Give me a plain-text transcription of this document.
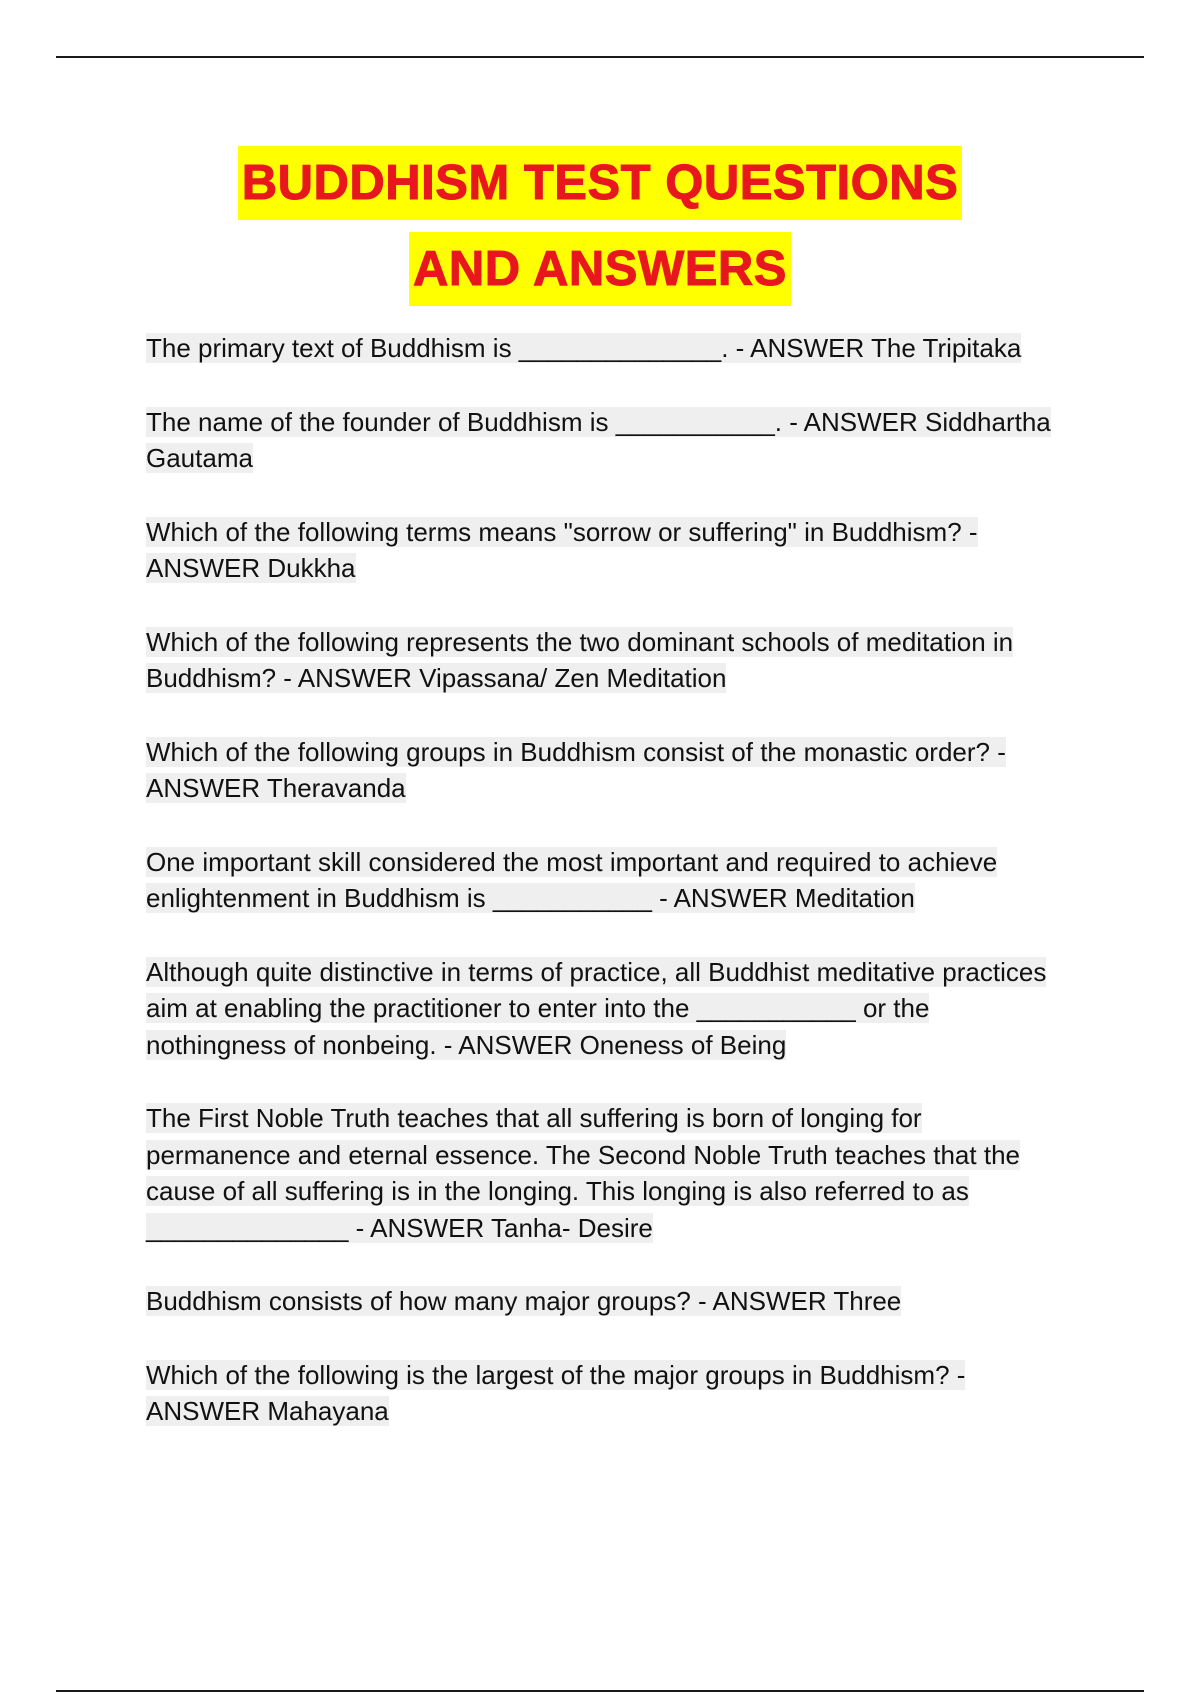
BUDDHISM TEST QUESTIONS
AND ANSWERS

The primary text of Buddhism is ______________. - ANSWER The Tripitaka

The name of the founder of Buddhism is ___________. - ANSWER Siddhartha Gautama

Which of the following terms means "sorrow or suffering" in Buddhism? - ANSWER Dukkha

Which of the following represents the two dominant schools of meditation in Buddhism? - ANSWER Vipassana/ Zen Meditation

Which of the following groups in Buddhism consist of the monastic order? - ANSWER Theravanda

One important skill considered the most important and required to achieve enlightenment in Buddhism is ___________ - ANSWER Meditation

Although quite distinctive in terms of practice, all Buddhist meditative practices aim at enabling the practitioner to enter into the ___________ or the nothingness of nonbeing. - ANSWER Oneness of Being

The First Noble Truth teaches that all suffering is born of longing for permanence and eternal essence. The Second Noble Truth teaches that the cause of all suffering is in the longing. This longing is also referred to as ______________ - ANSWER Tanha- Desire

Buddhism consists of how many major groups? - ANSWER Three

Which of the following is the largest of the major groups in Buddhism? - ANSWER Mahayana
